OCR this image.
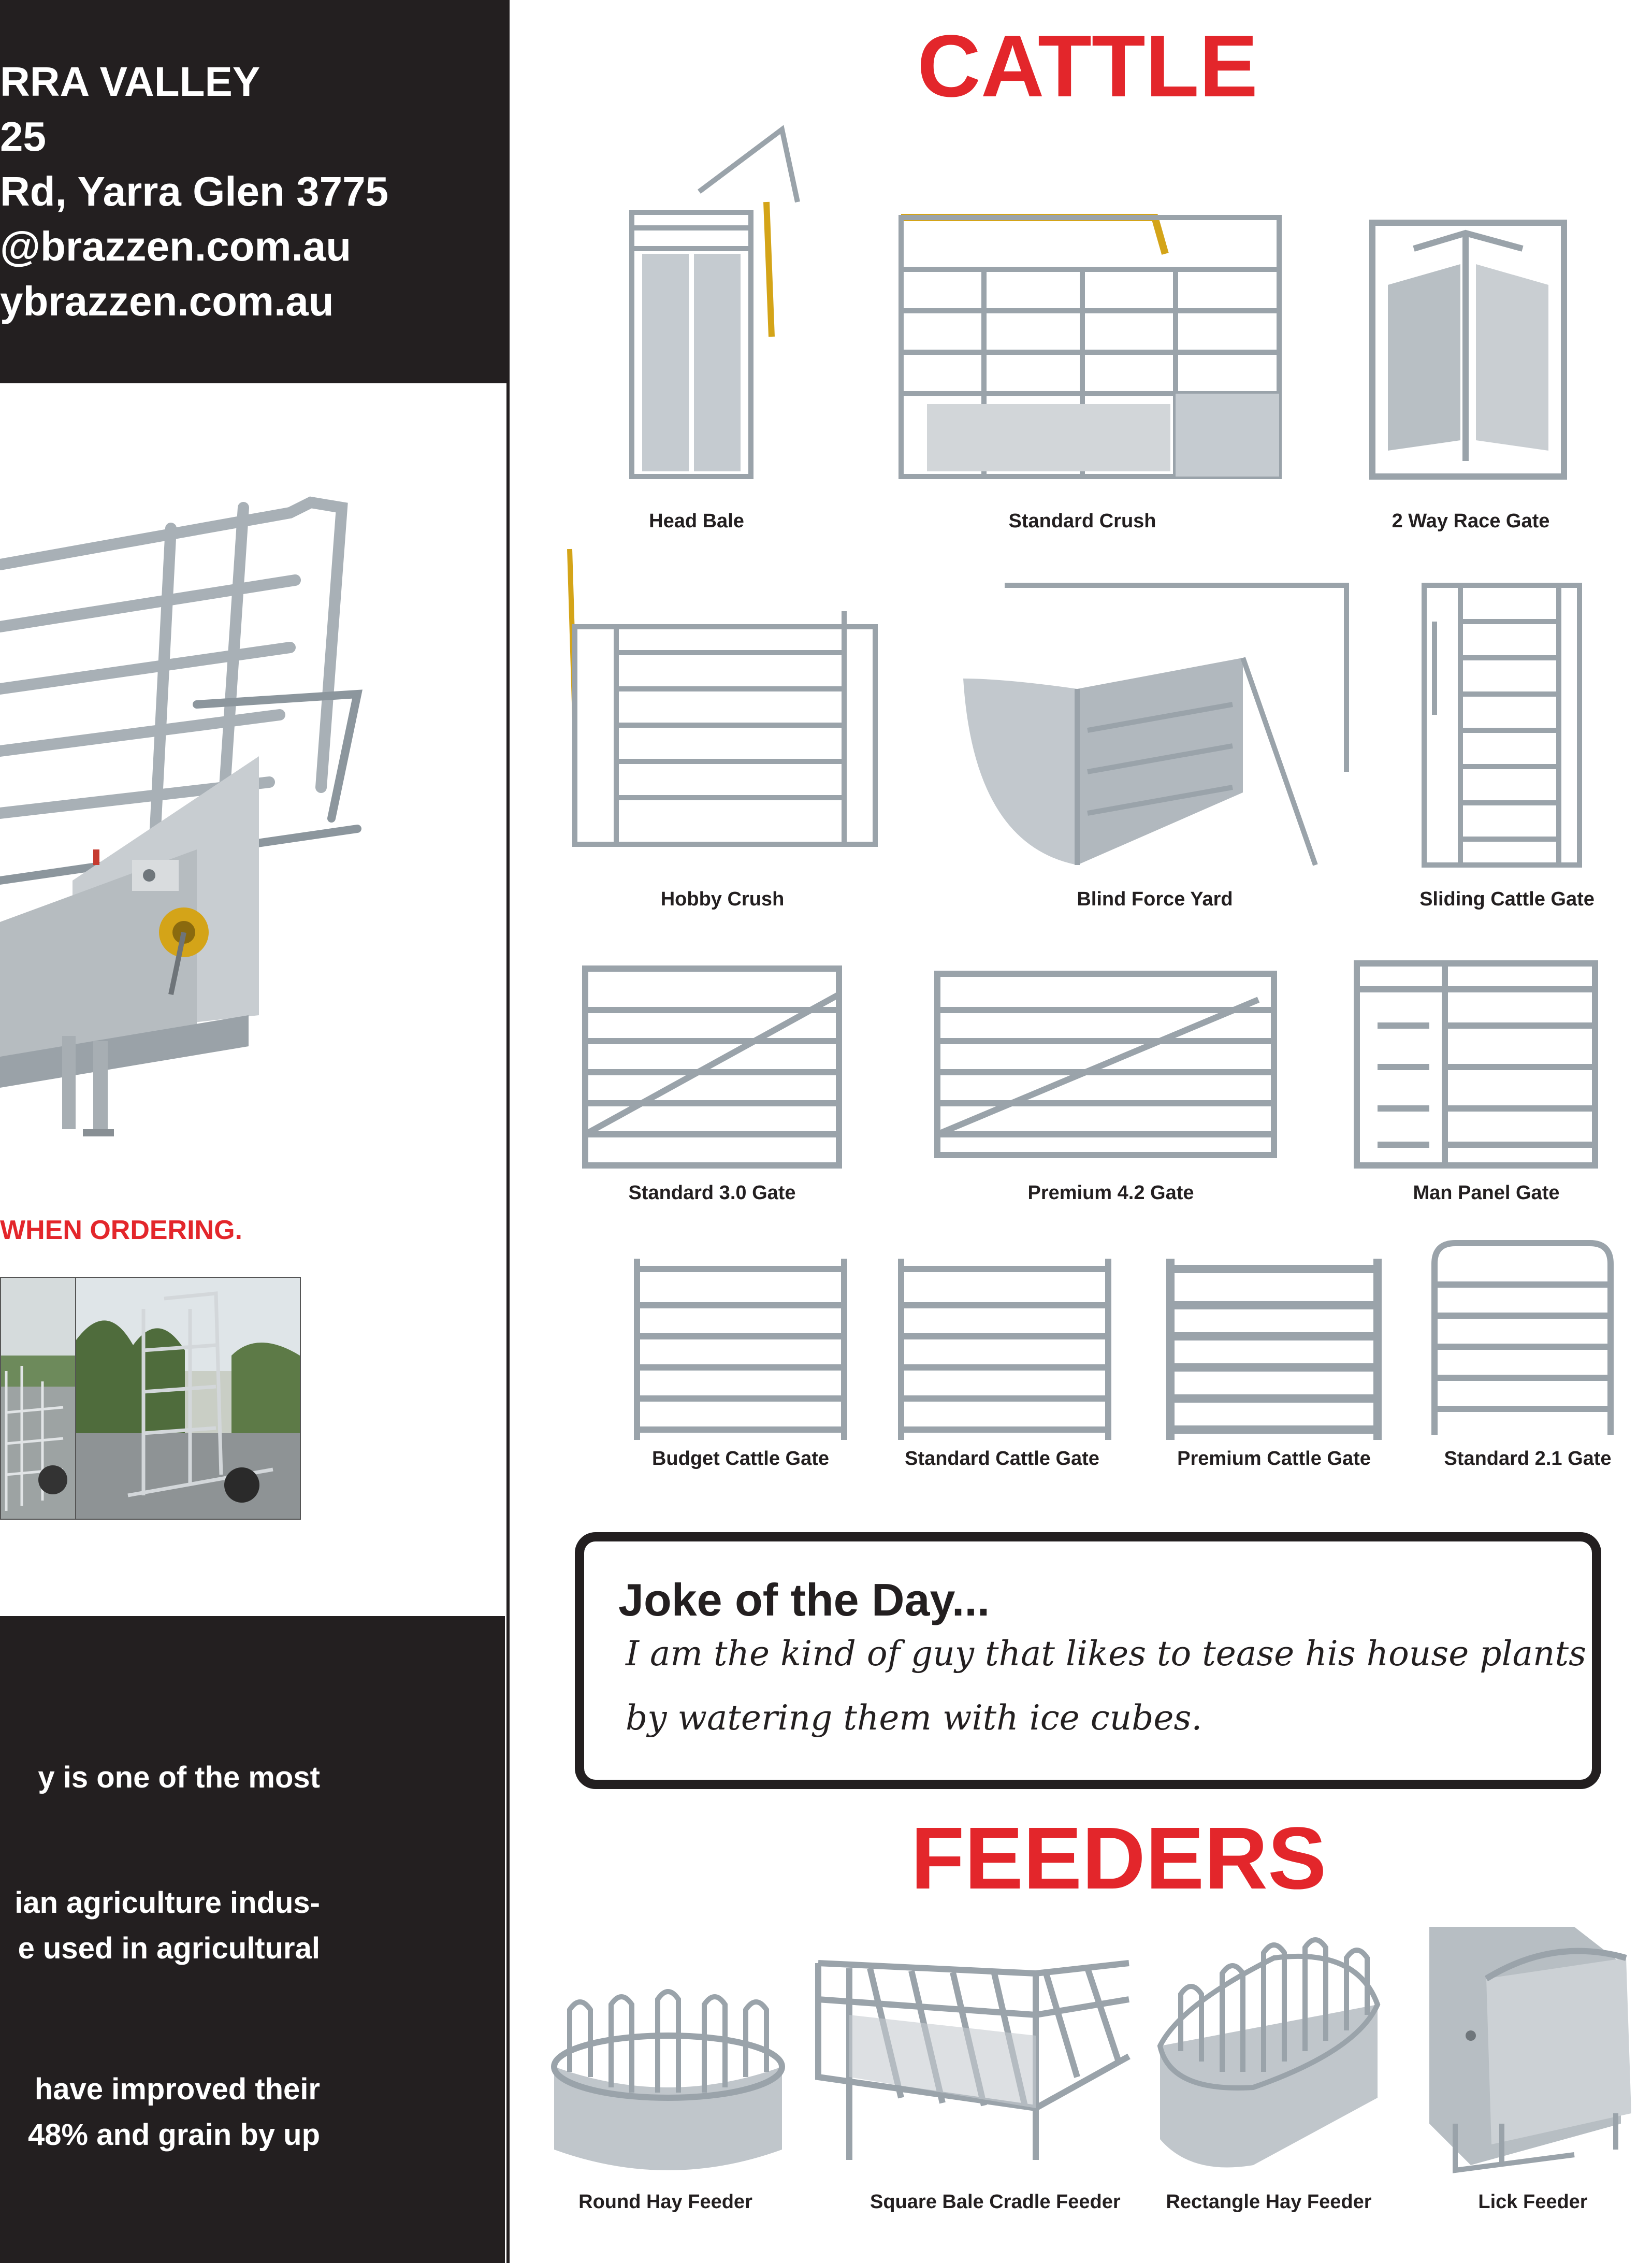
RRA VALLEY
25
Rd, Yarra Glen 3775
@brazzen.com.au
ybrazzen.com.au
WHEN ORDERING.
y is one of the most
ian agriculture indus-
e used in agricultural
have improved their
48% and grain by up
CATTLE
Head Bale	Standard Crush	2 Way Race Gate
Hobby Crush	Blind Force Yard	Sliding Cattle Gate
Standard 3.0 Gate	Premium 4.2 Gate	Man Panel Gate
Budget Cattle Gate	Standard Cattle Gate	Premium Cattle Gate	Standard 2.1 Gate
Joke of the Day...
I am the kind of guy that likes to tease his house plants
by watering them with ice cubes.
FEEDERS
Round Hay Feeder	Square Bale Cradle Feeder Rectangle Hay Feeder	Lick Feeder
